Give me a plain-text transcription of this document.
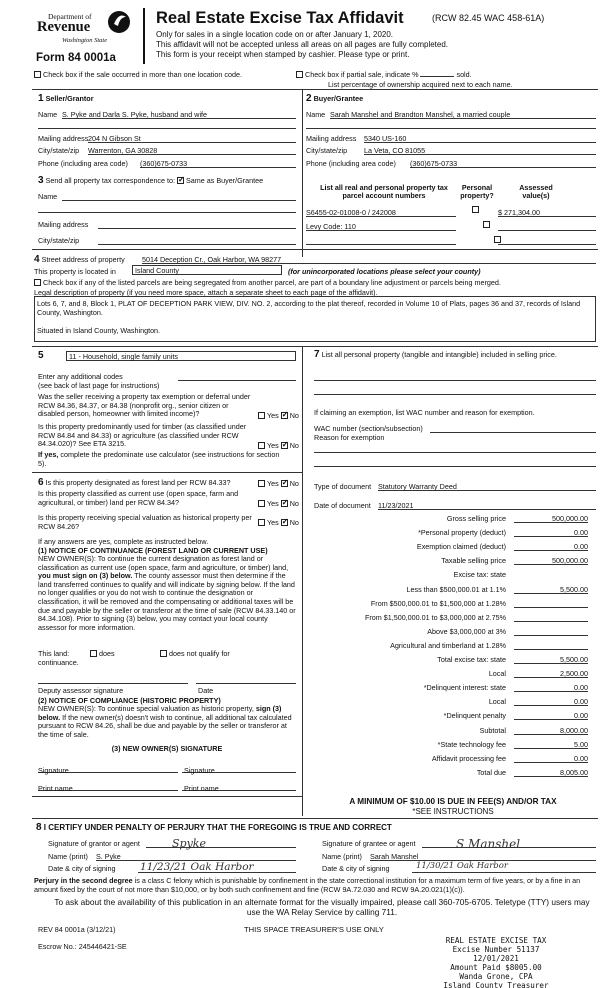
Department of
Revenue
Washington State
Form 84 0001a
Real Estate Excise Tax Affidavit	(RCW 82.45 WAC 458-61A)
Only for sales in a single location code on or after January 1, 2020.
This affidavit will not be accepted unless all areas on all pages are fully completed.
This form is your receipt when stamped by cashier. Please type or print.
Check box if the sale occurred in more than one location code.	Check box if partial sale, indicate %	sold.
List percentage of ownership acquired next to each name.
1 Seller/Grantor
Name S. Pyke and Darla S. Pyke, husband and wife
Mailing address 204 N Gibson St
City/state/zip Warrenton, GA 30828
Phone (including area code) (360)675-0733
2 Buyer/Grantee
Name Sarah Manshel and Brandton Manshel, a married couple
Mailing address 5340 US-160
City/state/zip La Veta, CO 81055
Phone (including area code) (360)675-0733
3 Send all property tax correspondence to: ✓ Same as Buyer/Grantee
Name
Mailing address
City/state/zip
List all real and personal property tax parcel account numbers
Personal property?
Assessed value(s)
S6455-02-01008-0 / 242008
	$ 271,304.00
Levy Code: 110

4 Street address of property 5014 Deception Cr., Oak Harbor, WA 98277
This property is located in	Island County	(for unincorporated locations please select your county)
Check box if any of the listed parcels are being segregated from another parcel, are part of a boundary line adjustment or parcels being merged.
Legal description of property (if you need more space, attach a separate sheet to each page of the affidavit).
Lots 6, 7, and 8, Block 1, PLAT OF DECEPTION PARK VIEW, DIV. NO. 2, according to the plat thereof, recorded in Volume 10 of Plats, pages 36 and 37, records of Island County, Washington.
Situated in Island County, Washington.
5	11 - Household, single family units
Enter any additional codes
(see back of last page for instructions)
Was the seller receiving a property tax exemption or deferral under RCW 84.36, 84.37, or 84.38 (nonprofit org., senior citizen or disabled person, homeowner with limited income)?	Yes ✓ No
Is this property predominantly used for timber (as classified under RCW 84.84 and 84.33) or agriculture (as classified under RCW 84.34.020)? See ETA 3215.	Yes ✓ No
If yes, complete the predominate use calculator (see instructions for section 5).
6 Is this property designated as forest land per RCW 84.33?	Yes ✓ No
Is this property classified as current use (open space, farm and agricultural, or timber) land per RCW 84.34?	Yes ✓ No
Is this property receiving special valuation as historical property per RCW 84.26?	Yes ✓ No
If any answers are yes, complete as instructed below.
(1) NOTICE OF CONTINUANCE (FOREST LAND OR CURRENT USE)
NEW OWNER(S): To continue the current designation as forest land or classification as current use (open space, farm and agriculture, or timber) land, you must sign on (3) below. The county assessor must then determine if the land transferred continues to qualify and will indicate by signing below. If the land no longer qualifies or you do not wish to continue the designation or classification, it will be removed and the compensating or additional taxes will be due and payable by the seller or transferor at the time of sale (RCW 84.33.140 or 84.34.108). Prior to signing (3) below, you may contact your local county assessor for more information.
This land:	does	does not qualify for
continuance.
Deputy assessor signature	Date
(2) NOTICE OF COMPLIANCE (HISTORIC PROPERTY)
NEW OWNER(S): To continue special valuation as historic property, sign (3) below. If the new owner(s) doesn't wish to continue, all additional tax calculated pursuant to RCW 84.26, shall be due and payable by the seller or transferor at the time of sale.
(3) NEW OWNER(S) SIGNATURE
Signature	Signature
Print name	Print name
7 List all personal property (tangible and intangible) included in selling price.
If claiming an exemption, list WAC number and reason for exemption.
WAC number (section/subsection)
Reason for exemption
Type of document Statutory Warranty Deed
Date of document 11/23/2021
Gross selling price	500,000.00
*Personal property (deduct)	0.00
Exemption claimed (deduct)	0.00
Taxable selling price	500,000.00
Excise tax: state
Less than $500,000.01 at 1.1%	5,500.00
From $500,000.01 to $1,500,000 at 1.28%
From $1,500,000.01 to $3,000,000 at 2.75%
Above $3,000,000 at 3%
Agricultural and timberland at 1.28%
Total excise tax: state	5,500.00
Local	2,500.00
*Delinquent interest: state	0.00
Local	0.00
*Delinquent penalty	0.00
Subtotal	8,000.00
*State technology fee	5.00
Affidavit processing fee	0.00
Total due	8,005.00
A MINIMUM OF $10.00 IS DUE IN FEE(S) AND/OR TAX
*SEE INSTRUCTIONS
8 I CERTIFY UNDER PENALTY OF PERJURY THAT THE FOREGOING IS TRUE AND CORRECT
Signature of grantor or agent	Spyke
Name (print) S. Pyke
Date & city of signing 11/23/21 Oak Harbor
Signature of grantee or agent	S Manshel
Name (print) Sarah Manshel
Date & city of signing	11/30/21 Oak Harbor
Perjury in the second degree is a class C felony which is punishable by confinement in the state correctional institution for a maximum term of five years, or by a fine in an amount fixed by the court of not more than $10,000, or by both such confinement and fine (RCW 9A.72.030 and RCW 9A.20.021(1)(c)).
To ask about the availability of this publication in an alternate format for the visually impaired, please call 360-705-6705. Teletype (TTY) users may use the WA Relay Service by calling 711.
REV 84 0001a (3/12/21)	THIS SPACE TREASURER'S USE ONLY
Escrow No.: 245446421-SE
REAL ESTATE EXCISE TAX
Excise Number 51137
12/01/2021
Amount Paid $8005.00
Wanda Grone, CPA
Island County Treasurer
